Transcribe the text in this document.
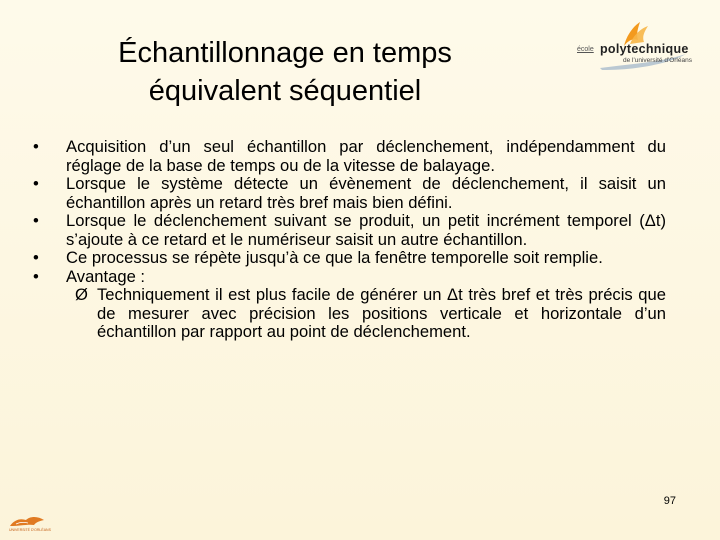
Échantillonnage en temps
équivalent séquentiel
école polytechnique
de l'université d'Orléans

•	Acquisition d’un seul échantillon par déclenchement, indépendamment du réglage de la base de temps ou de la vitesse de balayage.

•	Lorsque le système détecte un évènement de déclenchement, il saisit un échantillon après un retard très bref mais bien défini.

•	Lorsque le déclenchement suivant se produit, un petit incrément temporel (Δt) s’ajoute à ce retard et le numériseur saisit un autre échantillon.

•	Ce processus se répète jusqu’à ce que la fenêtre temporelle soit remplie.

•	Avantage :

Ø Techniquement il est plus facile de générer un Δt très bref et très précis que de mesurer avec précision les positions verticale et horizontale d’un échantillon par rapport au point de déclenchement.

97
UNIVERSITÉ D'ORLÉANS
